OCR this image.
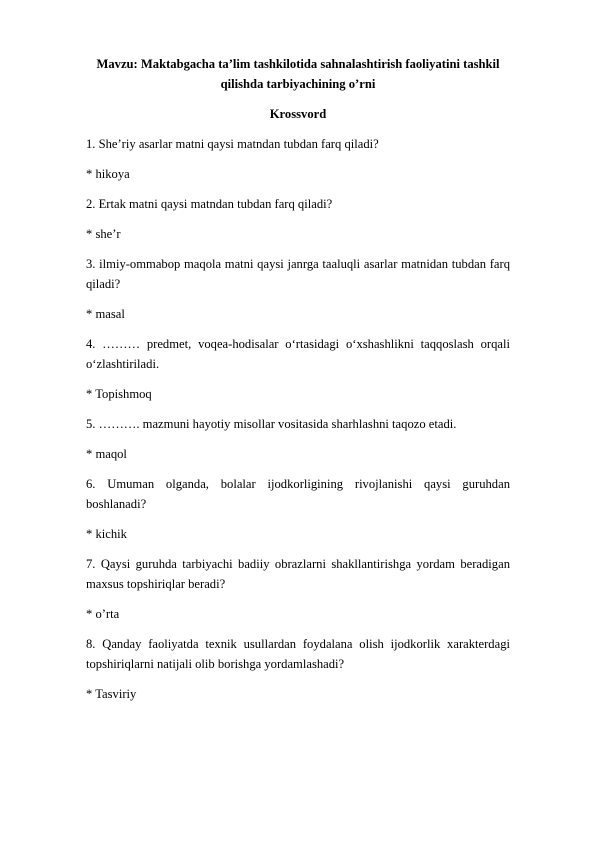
Mavzu: Maktabgacha ta’lim tashkilotida sahnalashtirish faoliyatini tashkil qilishda tarbiyachining o’rni

Krossvord

1. She’riy asarlar matni qaysi matndan tubdan farq qiladi?

* hikoya

2. Ertak matni qaysi matndan tubdan farq qiladi?

* she’r

3. ilmiy-ommabop maqola matni qaysi janrga taaluqli asarlar matnidan tubdan farq qiladi?

* masal

4. ……… predmet, voqea-hodisalar o‘rtasidagi o‘xshashlikni taqqoslash orqali o‘zlashtiriladi.

* Topishmoq

5. ………. mazmuni hayotiy misollar vositasida sharhlashni taqozo etadi.

* maqol

6. Umuman olganda, bolalar ijodkorligining rivojlanishi qaysi guruhdan boshlanadi?

* kichik

7. Qaysi guruhda tarbiyachi badiiy obrazlarni shakllantirishga yordam beradigan maxsus topshiriqlar beradi?

* o’rta

8. Qanday faoliyatda texnik usullardan foydalana olish ijodkorlik xarakterdagi topshiriqlarni natijali olib borishga yordamlashadi?

* Tasviriy
